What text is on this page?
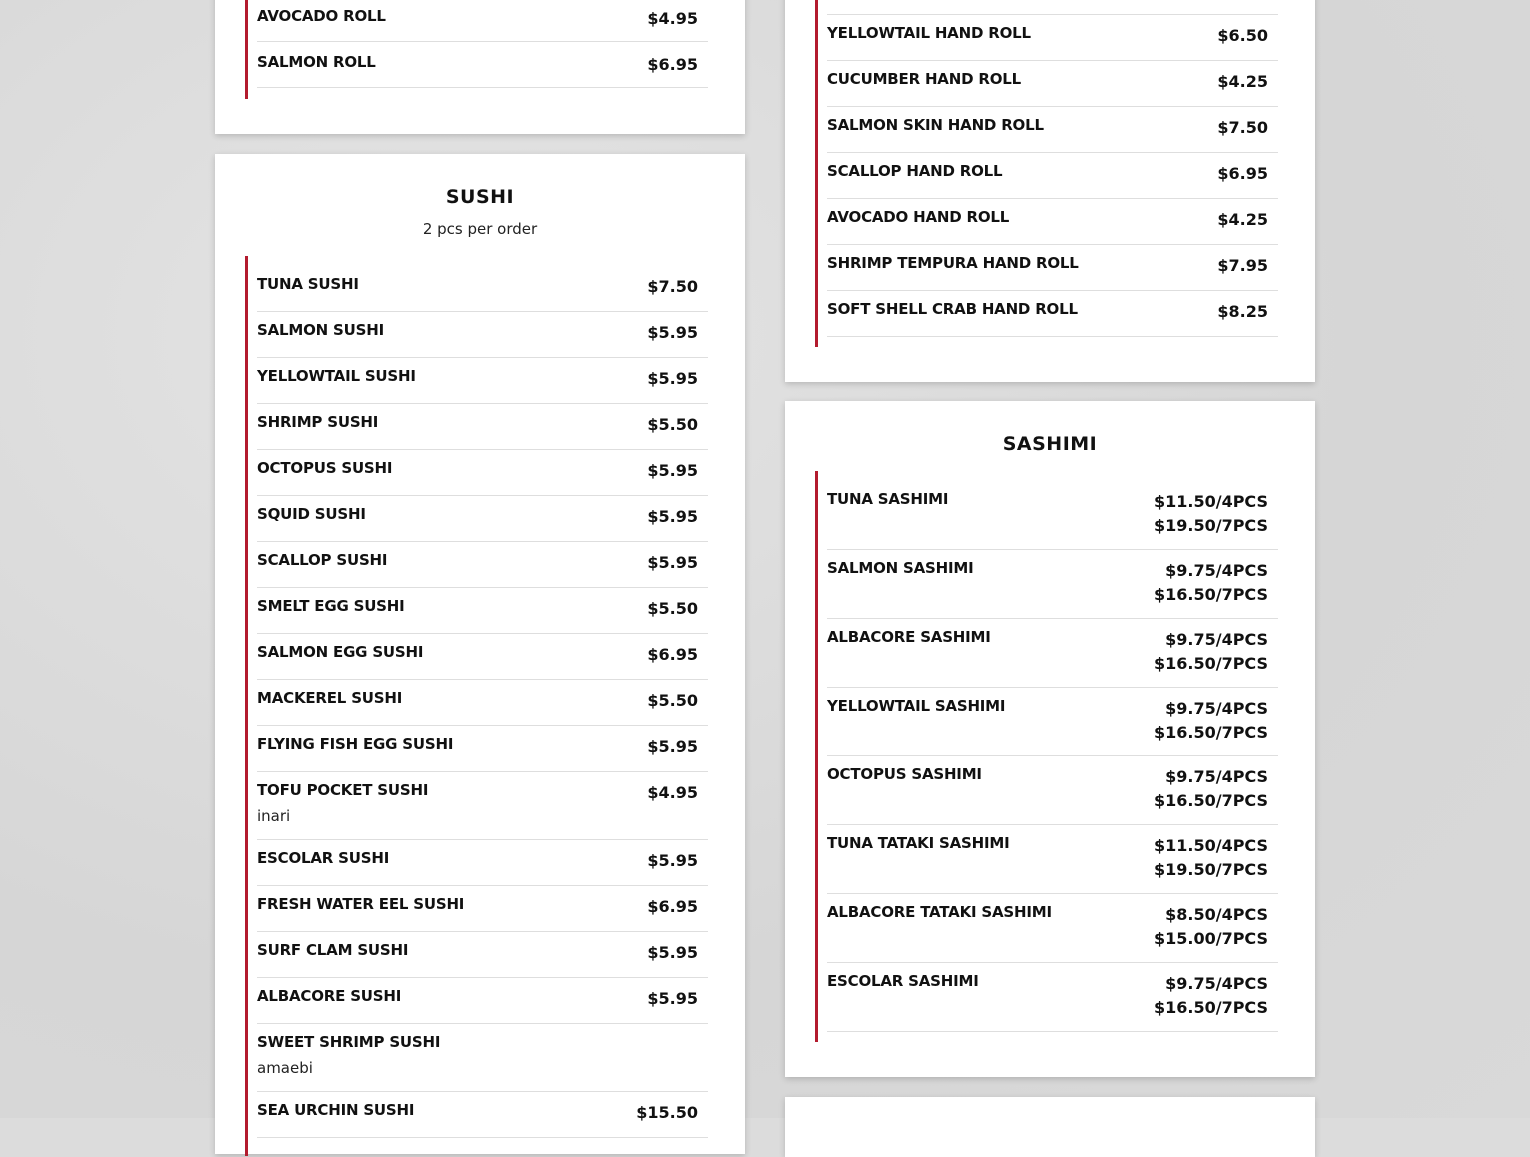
AVOCADO ROLL	$4.95
SALMON ROLL	$6.95
YELLOWTAIL HAND ROLL	$6.50
CUCUMBER HAND ROLL	$4.25
SALMON SKIN HAND ROLL	$7.50
SCALLOP HAND ROLL	$6.95
AVOCADO HAND ROLL	$4.25
SHRIMP TEMPURA HAND ROLL	$7.95
SOFT SHELL CRAB HAND ROLL	$8.25
SUSHI
2 pcs per order
TUNA SUSHI	$7.50
SALMON SUSHI	$5.95
YELLOWTAIL SUSHI	$5.95
SHRIMP SUSHI	$5.50
OCTOPUS SUSHI	$5.95
SQUID SUSHI	$5.95
SCALLOP SUSHI	$5.95
SMELT EGG SUSHI	$5.50
SALMON EGG SUSHI	$6.95
MACKEREL SUSHI	$5.50
FLYING FISH EGG SUSHI	$5.95
TOFU POCKET SUSHI
inari
$4.95
ESCOLAR SUSHI	$5.95
FRESH WATER EEL SUSHI	$6.95
SURF CLAM SUSHI	$5.95
ALBACORE SUSHI	$5.95
SWEET SHRIMP SUSHI
amaebi
SEA URCHIN SUSHI	$15.50
SASHIMI
TUNA SASHIMI	$11.50/4PCS
$19.50/7PCS
SALMON SASHIMI	$9.75/4PCS
$16.50/7PCS
ALBACORE SASHIMI	$9.75/4PCS
$16.50/7PCS
YELLOWTAIL SASHIMI	$9.75/4PCS
$16.50/7PCS
OCTOPUS SASHIMI	$9.75/4PCS
$16.50/7PCS
TUNA TATAKI SASHIMI	$11.50/4PCS
$19.50/7PCS
ALBACORE TATAKI SASHIMI	$8.50/4PCS
$15.00/7PCS
ESCOLAR SASHIMI	$9.75/4PCS
$16.50/7PCS
